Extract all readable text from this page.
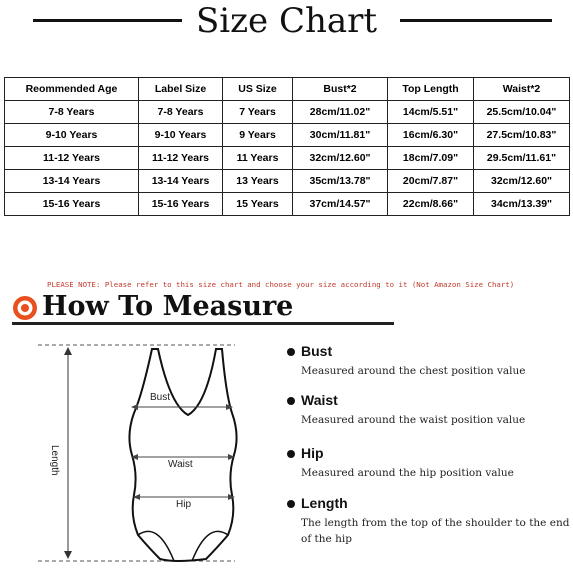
Size Chart
Reommended Age	Label Size	US Size	Bust*2	Top Length	Waist*2
7-8 Years	7-8 Years	7 Years	28cm/11.02"	14cm/5.51"	25.5cm/10.04"
9-10 Years	9-10 Years	9 Years	30cm/11.81"	16cm/6.30"	27.5cm/10.83"
11-12 Years	11-12 Years	11 Years	32cm/12.60"	18cm/7.09"	29.5cm/11.61"
13-14 Years	13-14 Years	13 Years	35cm/13.78"	20cm/7.87"	32cm/12.60"
15-16 Years	15-16 Years	15 Years	37cm/14.57"	22cm/8.66"	34cm/13.39"
PLEASE NOTE: Please refer to this size chart and choose your size according to it (Not Amazon Size Chart)
How To Measure
Bust
Waist
Hip
Length
Bust
Measured around the chest position value
Waist
Measured around the waist position value
Hip
Measured around the hip position value
Length
The length from the top of the shoulder to the end of the hip
